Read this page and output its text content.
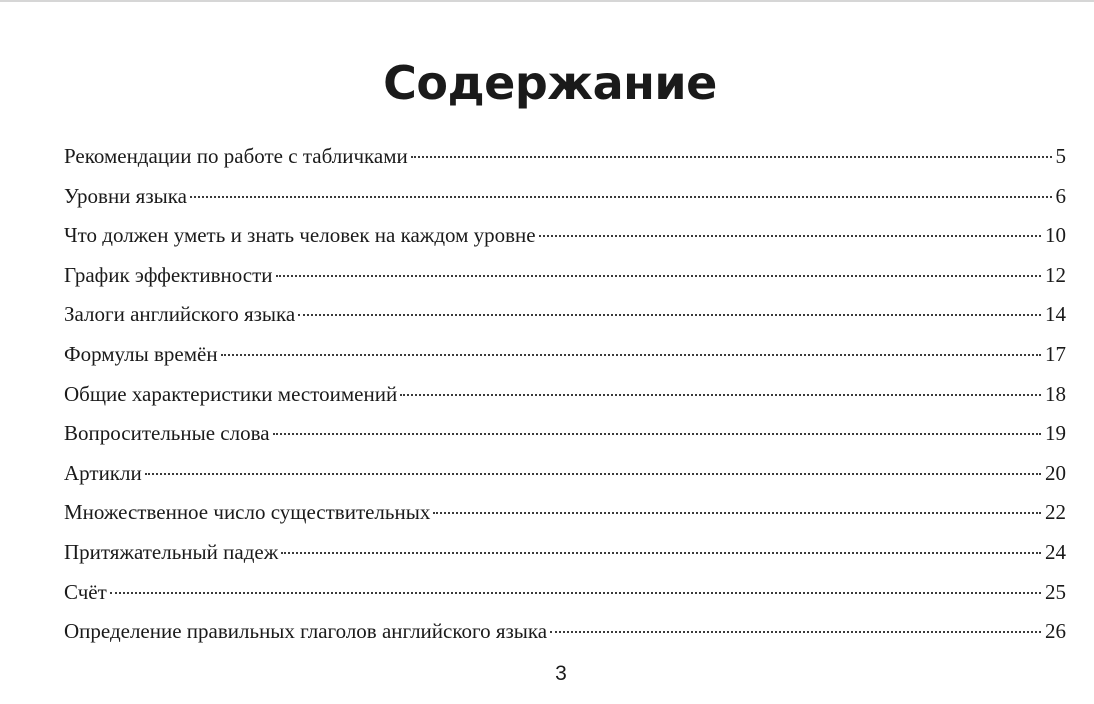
Содержание
Рекомендации по работе с табличками	5
Уровни языка	6
Что должен уметь и знать человек на каждом уровне	10
График эффективности	12
Залоги английского языка	14
Формулы времён	17
Общие характеристики местоимений	18
Вопросительные слова	19
Артикли	20
Множественное число существительных	22
Притяжательный падеж	24
Счёт	25
Определение правильных глаголов английского языка	26
3
